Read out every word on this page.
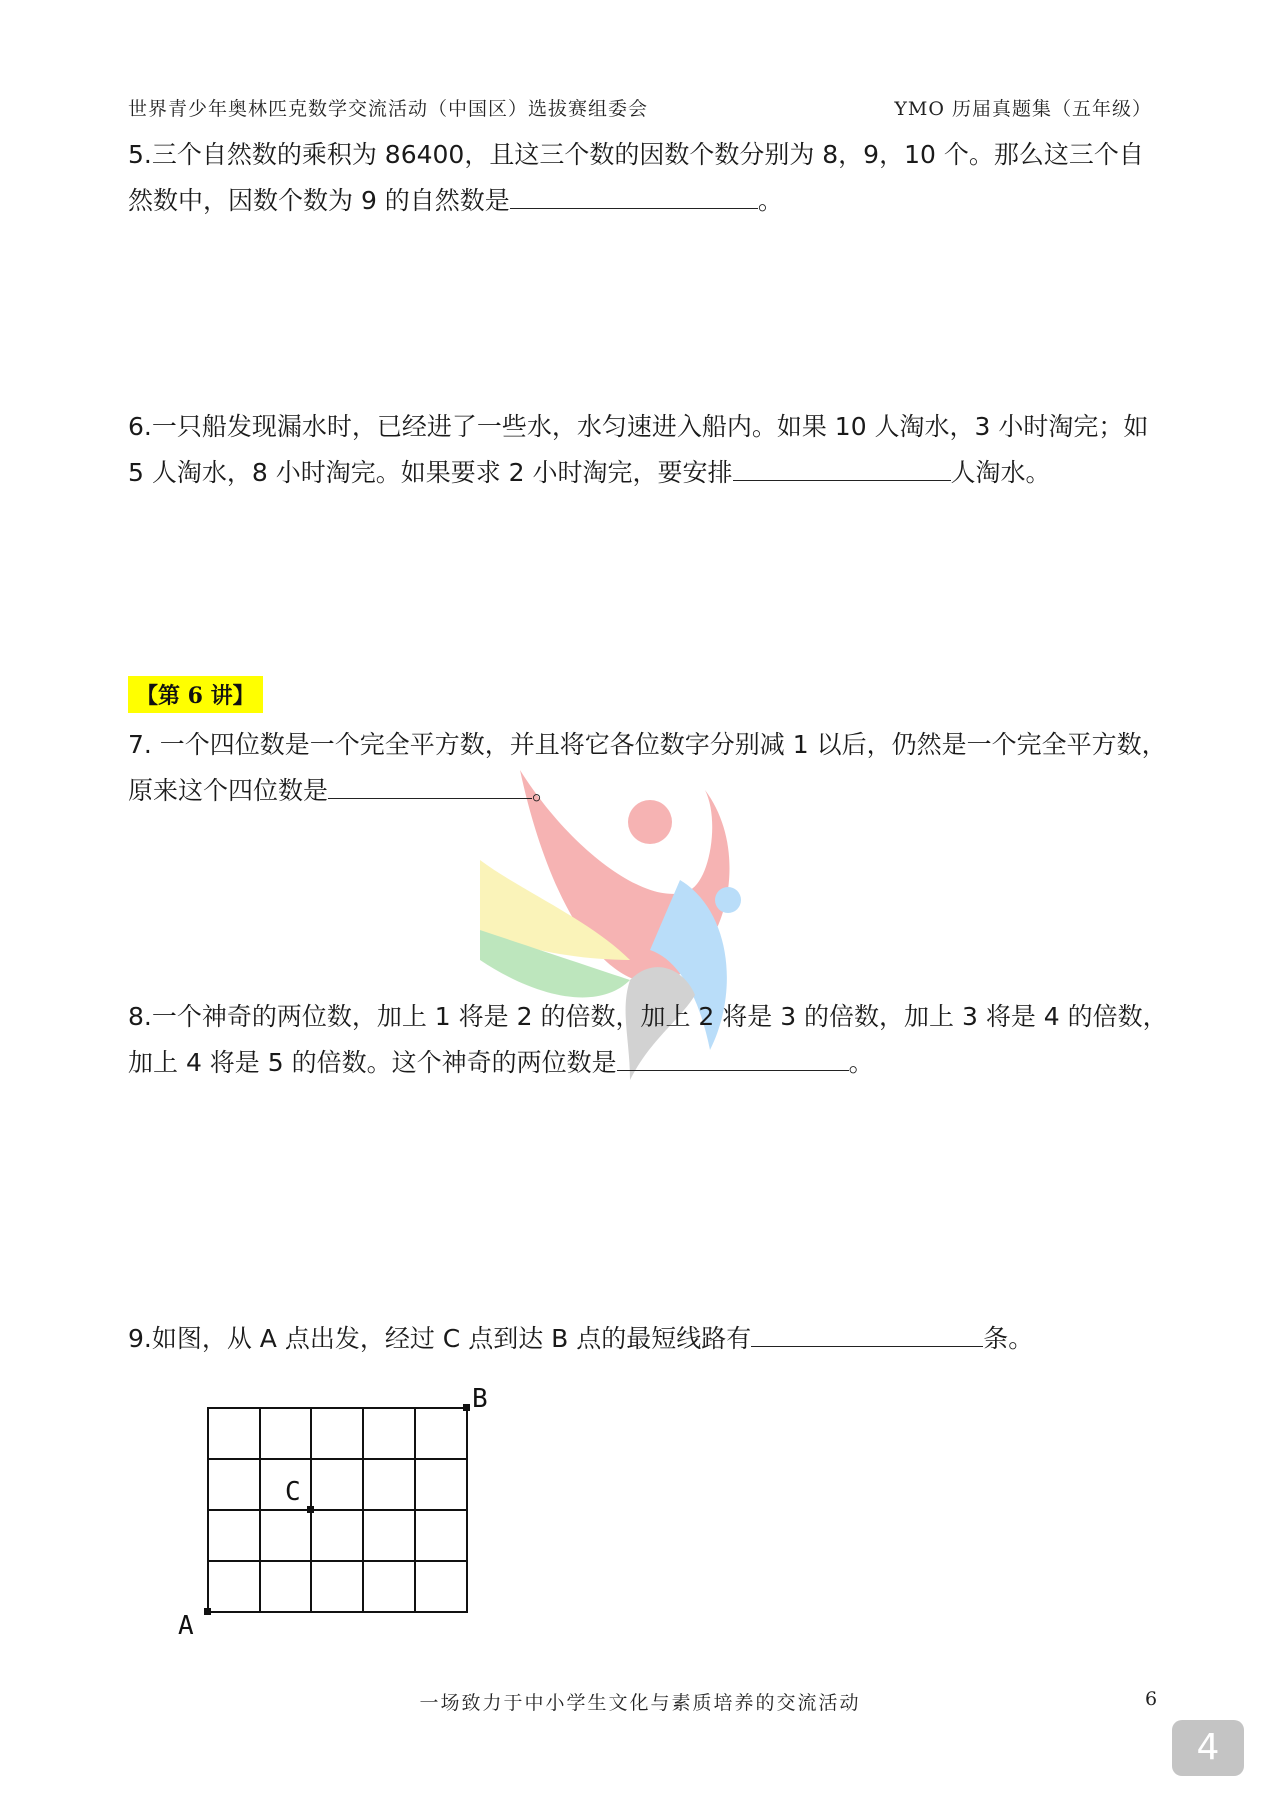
世界青少年奥林匹克数学交流活动（中国区）选拔赛组委会	YMO 历届真题集（五年级）
5.三个自然数的乘积为 86400，且这三个数的因数个数分别为 8，9，10 个。那么这三个自然数中，因数个数为 9 的自然数是	。
6.一只船发现漏水时，已经进了一些水，水匀速进入船内。如果 10 人淘水，3 小时淘完；如 5 人淘水，8 小时淘完。如果要求 2 小时淘完，要安排	人淘水。
【第 6 讲】
7. 一个四位数是一个完全平方数，并且将它各位数字分别减 1 以后，仍然是一个完全平方数，原来这个四位数是	。
8.一个神奇的两位数，加上 1 将是 2 的倍数，加上 2 将是 3 的倍数，加上 3 将是 4 的倍数，加上 4 将是 5 的倍数。这个神奇的两位数是	。
9.如图，从 A 点出发，经过 C 点到达 B 点的最短线路有	条。
A
B
C
一场致力于中小学生文化与素质培养的交流活动	6
4
